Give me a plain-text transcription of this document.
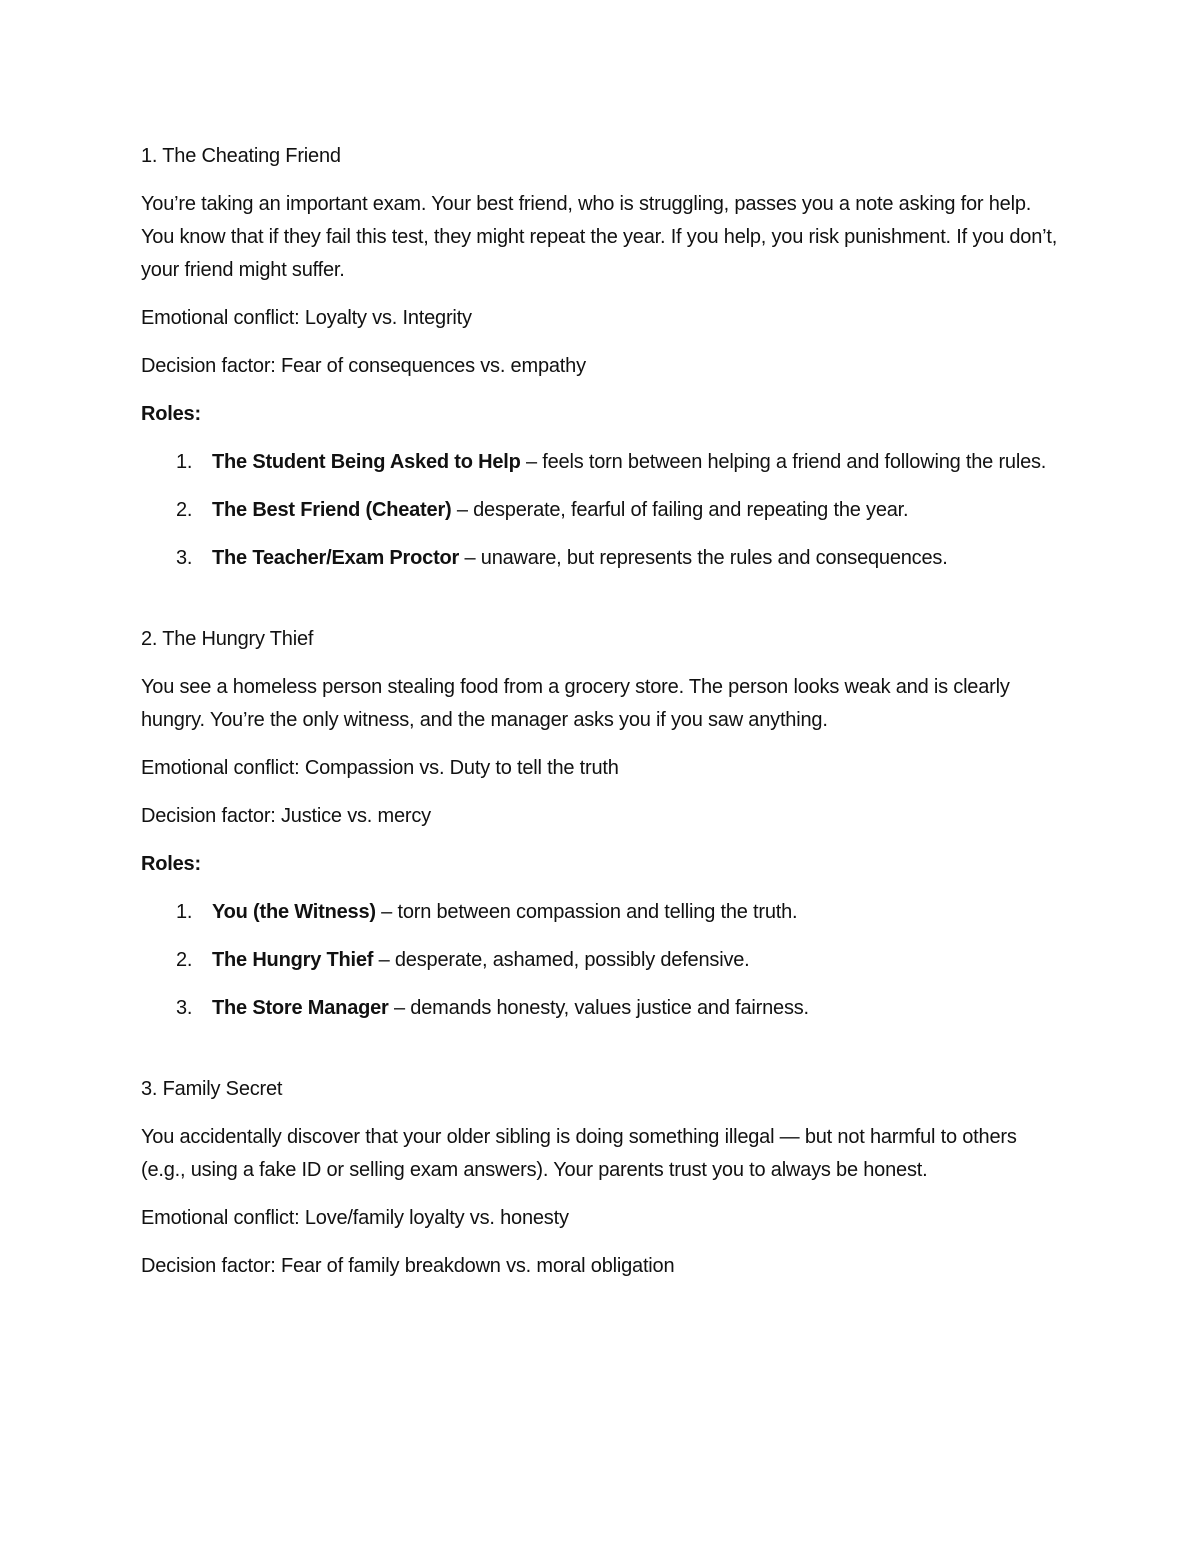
1. The Cheating Friend
You’re taking an important exam. Your best friend, who is struggling, passes you a note asking for help. You know that if they fail this test, they might repeat the year. If you help, you risk punishment. If you don’t, your friend might suffer.
Emotional conflict: Loyalty vs. Integrity
Decision factor: Fear of consequences vs. empathy
Roles:
1. The Student Being Asked to Help – feels torn between helping a friend and following the rules.
2. The Best Friend (Cheater) – desperate, fearful of failing and repeating the year.
3. The Teacher/Exam Proctor – unaware, but represents the rules and consequences.
2. The Hungry Thief
You see a homeless person stealing food from a grocery store. The person looks weak and is clearly hungry. You’re the only witness, and the manager asks you if you saw anything.
Emotional conflict: Compassion vs. Duty to tell the truth
Decision factor: Justice vs. mercy
Roles:
1. You (the Witness) – torn between compassion and telling the truth.
2. The Hungry Thief – desperate, ashamed, possibly defensive.
3. The Store Manager – demands honesty, values justice and fairness.
3. Family Secret
You accidentally discover that your older sibling is doing something illegal — but not harmful to others (e.g., using a fake ID or selling exam answers). Your parents trust you to always be honest.
Emotional conflict: Love/family loyalty vs. honesty
Decision factor: Fear of family breakdown vs. moral obligation
